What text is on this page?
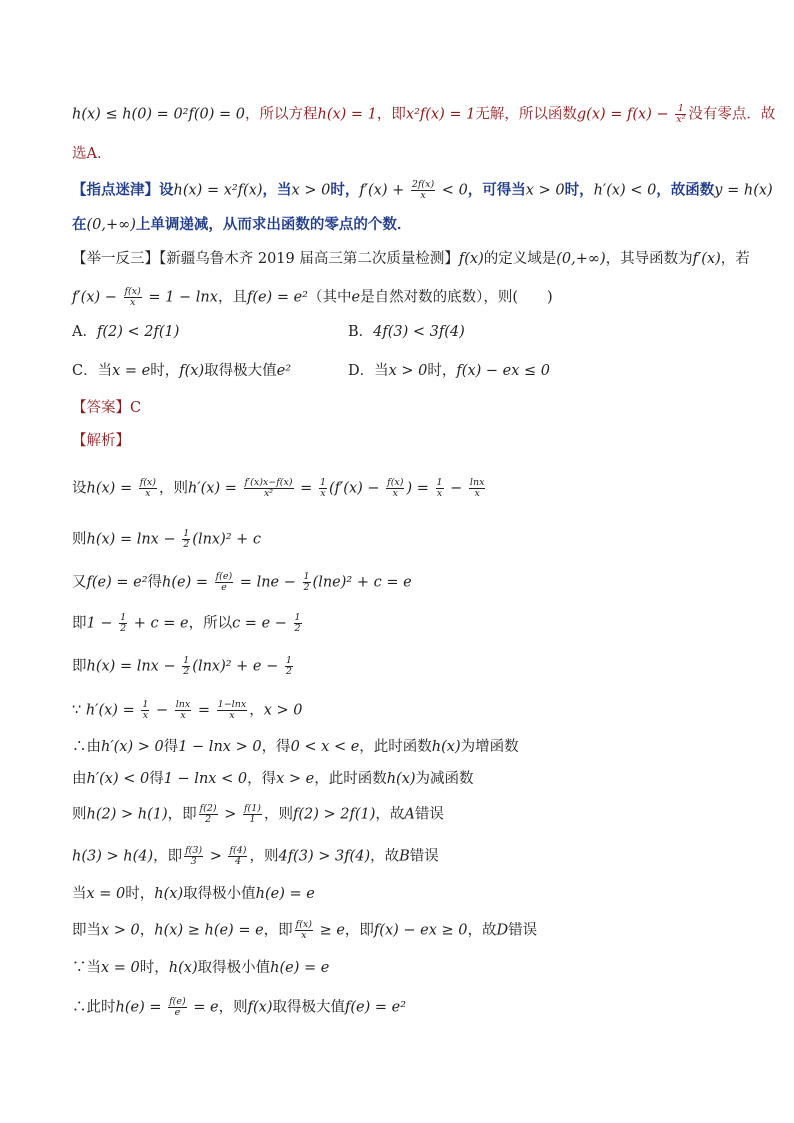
h(x) ≤ h(0) = 0²f(0) = 0，所以方程h(x) = 1，即x²f(x) = 1无解，所以函数$g(x) = f(x) - \frac{1}{\text{x²}}$ 没有零点．故
选A．
【指点迷津】设h(x) = x²f(x)，当x > 0时，$f'(x) + \frac{2f(x)}{x} < 0$，可得当x > 0时，h′(x) < 0，故函数y = h(x)
在(0,+∞)上单调递减，从而求出函数的零点的个数．
【举一反三】【新疆乌鲁木齐 2019 届高三第二次质量检测】f(x)的定义域是(0,+∞)，其导函数为f′(x)，若
$f'(x) - \frac{f(x)}{x} = 1 - \ln x$，且f(e) = e²（其中e是自然对数的底数），则(　　)
A．f(2) < 2f(1)	B．4f(3) < 3f(4)
C．当x = e时，f(x)取得极大值e²	D．当x > 0时，f(x) − ex ≤ 0
【答案】C
【解析】
设$h(x) = \frac{f(x)}{x}$ ，则$h'(x) = \frac{f'(x)x-f(x)}{\text{x²}} = \frac{1}{x} (f'(x) - \frac{f(x)}{x}$ ) = $\frac{1}{x} - \frac{\ln x}{x}$
则$h(x) = \ln x - \frac{1}{2} (\ln x)^2 + c$
又f(e) = e²得$h(e) = \frac{f(e)}{e} = \ln e - \frac{1}{2} (\ln e)^2 + c = e$
即$1 - \frac{1}{2} + c = e$，所以$c = e - \frac{1}{2}$
即$h(x) = \ln x - \frac{1}{2} (\ln x)^2 + e - \frac{1}{2}$
∵ $h'(x) = \frac{1}{x} - \frac{\ln x}{x} = \frac{1-\ln x}{x}$ ，x > 0
∴由h′(x) > 0得1 − lnx > 0，得0 < x < e，此时函数h(x)为增函数
由h′(x) < 0得1 − lnx < 0，得x > e，此时函数h(x)为减函数
则h(2) > h(1)，即 $\frac{f(2)}{2} > \frac{f(1)}{1}$ ，则f(2) > 2f(1)，故A错误
h(3) > h(4)，即 $\frac{f(3)}{3} > \frac{f(4)}{4}$ ，则4f(3) > 3f(4)，故B错误
当x = 0时，h(x)取得极小值h(e) = e
即当x > 0，h(x) ≥ h(e) = e，即 $\frac{f(x)}{x} \ge e$，即f(x) − ex ≥ 0，故D错误
∵当x = 0时，h(x)取得极小值h(e) = e
∴此时$h(e) = \frac{f(e)}{e} = e$，则f(x)取得极大值f(e) = e²
